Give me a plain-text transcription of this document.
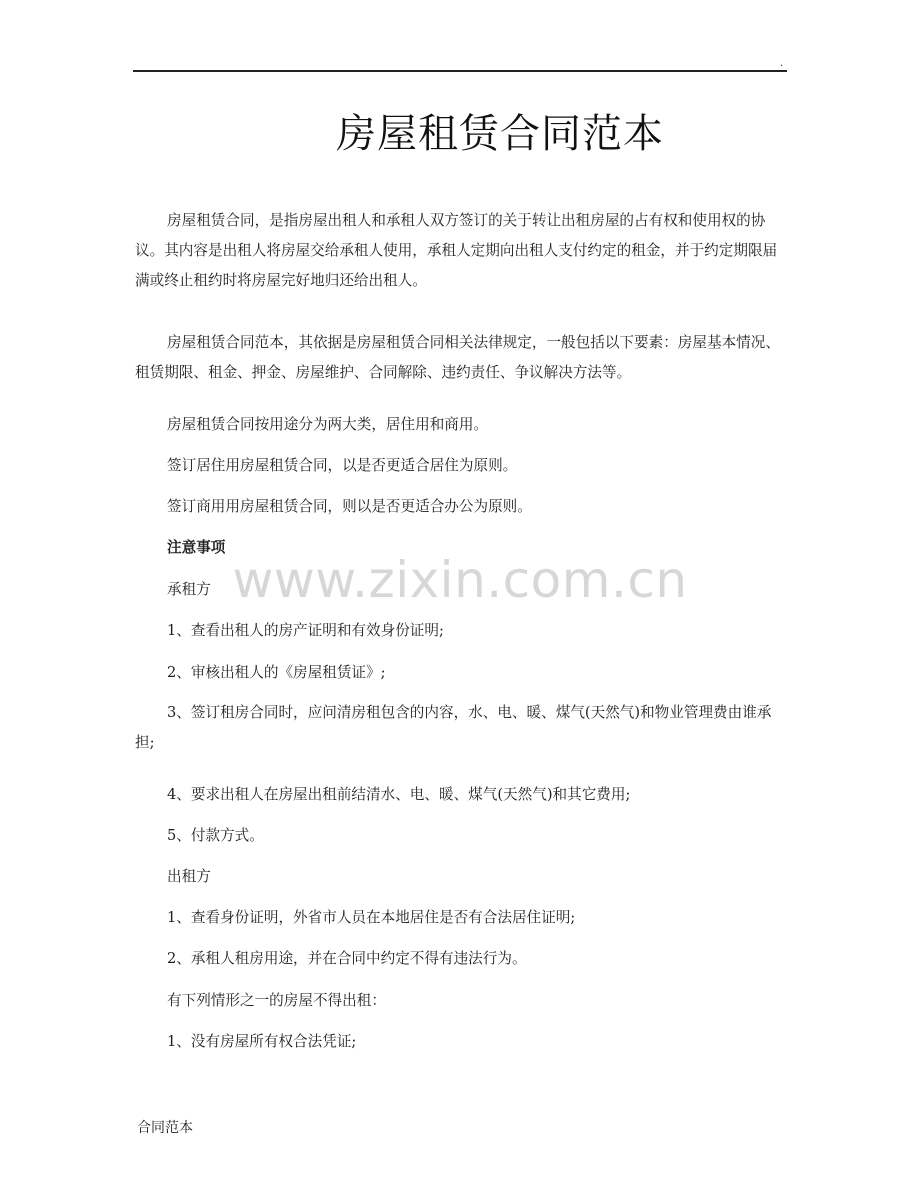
.
房屋租赁合同范本
房屋租赁合同，是指房屋出租人和承租人双方签订的关于转让出租房屋的占有权和使用权的协议。其内容是出租人将房屋交给承租人使用，承租人定期向出租人支付约定的租金，并于约定期限届满或终止租约时将房屋完好地归还给出租人。
房屋租赁合同范本，其依据是房屋租赁合同相关法律规定，一般包括以下要素：房屋基本情况、租赁期限、租金、押金、房屋维护、合同解除、违约责任、争议解决方法等。
房屋租赁合同按用途分为两大类，居住用和商用。
签订居住用房屋租赁合同，以是否更适合居住为原则。
签订商用用房屋租赁合同，则以是否更适合办公为原则。
注意事项
承租方
1、查看出租人的房产证明和有效身份证明;
2、审核出租人的《房屋租赁证》;
3、签订租房合同时，应问清房租包含的内容，水、电、暖、煤气(天然气)和物业管理费由谁承担;
4、要求出租人在房屋出租前结清水、电、暖、煤气(天然气)和其它费用;
5、付款方式。
出租方
1、查看身份证明，外省市人员在本地居住是否有合法居住证明;
2、承租人租房用途，并在合同中约定不得有违法行为。
有下列情形之一的房屋不得出租：
1、没有房屋所有权合法凭证;
www.zixin.com.cn
合同范本
